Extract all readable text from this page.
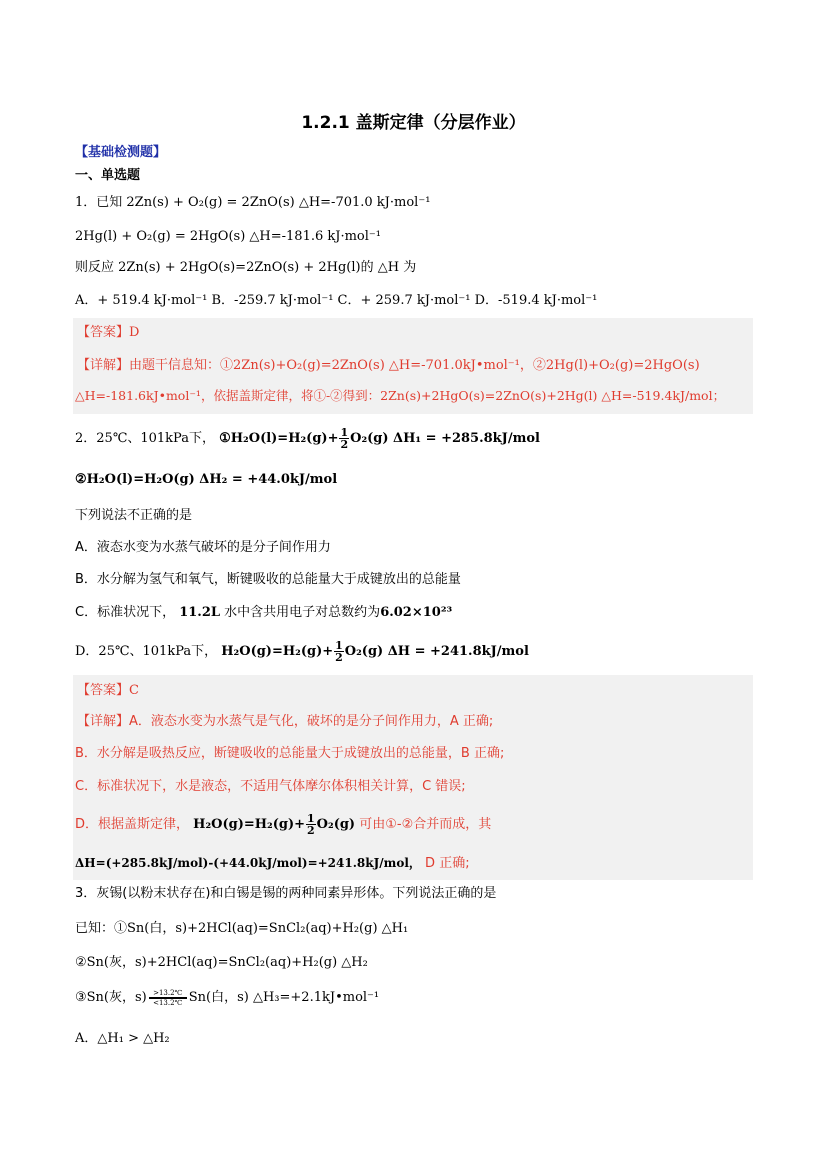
1.2.1 盖斯定律（分层作业）
【基础检测题】
一、单选题
1．已知 2Zn(s) + O₂(g) = 2ZnO(s) △H=-701.0 kJ·mol⁻¹
2Hg(l) + O₂(g) = 2HgO(s) △H=-181.6 kJ·mol⁻¹
则反应 2Zn(s) + 2HgO(s)=2ZnO(s) + 2Hg(l)的 △H 为
A．+ 519.4 kJ·mol⁻¹ B．-259.7 kJ·mol⁻¹ C．+ 259.7 kJ·mol⁻¹ D．-519.4 kJ·mol⁻¹
【答案】D
【详解】由题干信息知：①2Zn(s)+O₂(g)=2ZnO(s) △H=-701.0kJ•mol⁻¹，②2Hg(l)+O₂(g)=2HgO(s)
△H=-181.6kJ•mol⁻¹，依据盖斯定律，将①-②得到：2Zn(s)+2HgO(s)=2ZnO(s)+2Hg(l) △H=-519.4kJ/mol；
2．25℃、101kPa下， ①H₂O(l)=H₂(g)+ $\frac{1}{2} O_2(g) \Delta H_1 = +285.8kJ/mol$
②H₂O(l)=H₂O(g) ΔH₂ = +44.0kJ/mol
下列说法不正确的是
A．液态水变为水蒸气破坏的是分子间作用力
B．水分解为氢气和氧气，断键吸收的总能量大于成键放出的总能量
C．标准状况下， 11.2L 水中含共用电子对总数约为6.02×10²³
D．25℃、101kPa下， $H_2O(g)=H_2(g)+ \frac{1}{2} O_2(g) \Delta H = +241.8kJ/mol$
【答案】C
【详解】A．液态水变为水蒸气是气化，破坏的是分子间作用力，A 正确;
B．水分解是吸热反应，断键吸收的总能量大于成键放出的总能量，B 正确;
C．标准状况下，水是液态，不适用气体摩尔体积相关计算，C 错误;
D．根据盖斯定律， $H_2O(g)=H_2(g)+ \frac{1}{2} O_2(g)$ 可由①-②合并而成，其
ΔH=(+285.8kJ/mol)-(+44.0kJ/mol)=+241.8kJ/mol， D 正确;
3．灰锡(以粉末状存在)和白锡是锡的两种同素异形体。下列说法正确的是
已知：①Sn(白，s)+2HCl(aq)=SnCl₂(aq)+H₂(g) △H₁
②Sn(灰，s)+2HCl(aq)=SnCl₂(aq)+H₂(g) △H₂
③Sn(灰，$s) \frac{>13.2℃}{<13.2℃} Sn$(白，s) △H₃=+2.1kJ•mol⁻¹
A．△H₁ > △H₂
